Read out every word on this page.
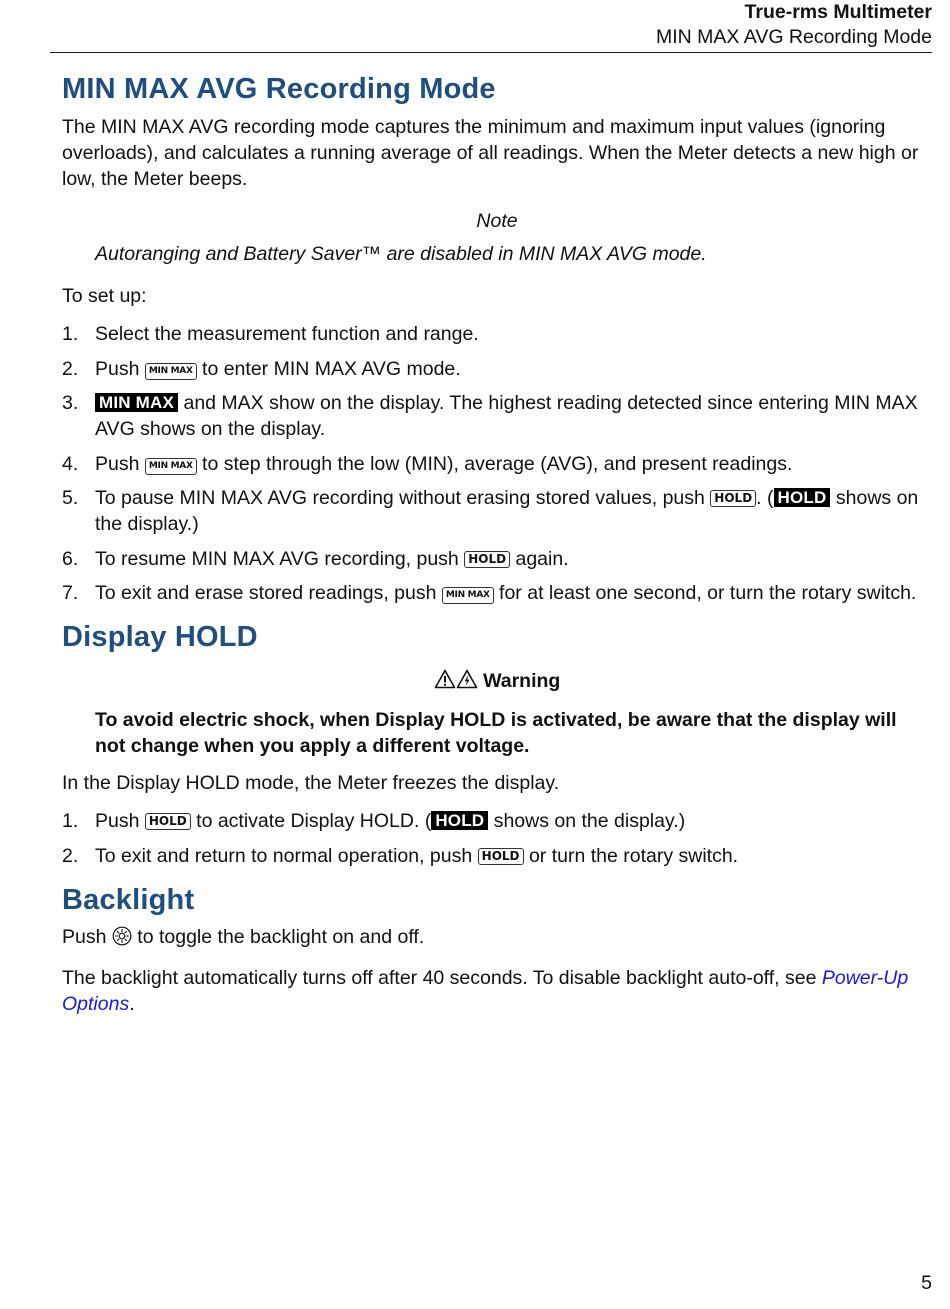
True-rms Multimeter
MIN MAX AVG Recording Mode
MIN MAX AVG Recording Mode

The MIN MAX AVG recording mode captures the minimum and maximum input values (ignoring overloads), and calculates a running average of all readings. When the Meter detects a new high or low, the Meter beeps.

Note

Autoranging and Battery Saver™ are disabled in MIN MAX AVG mode.

To set up:

1. Select the measurement function and range.
2. Push MIN MAX to enter MIN MAX AVG mode.
3. MIN MAX and MAX show on the display. The highest reading detected since entering MIN MAX AVG shows on the display.
4. Push MIN MAX to step through the low (MIN), average (AVG), and present readings.
5. To pause MIN MAX AVG recording without erasing stored values, push HOLD . ( HOLD shows on the display.)
6. To resume MIN MAX AVG recording, push HOLD again.
7. To exit and erase stored readings, push MIN MAX for at least one second, or turn the rotary switch.
Display HOLD

Warning

To avoid electric shock, when Display HOLD is activated, be aware that the display will not change when you apply a different voltage.

In the Display HOLD mode, the Meter freezes the display.

1. Push HOLD to activate Display HOLD. ( HOLD shows on the display.)
2. To exit and return to normal operation, push HOLD or turn the rotary switch.
Backlight

Push  to toggle the backlight on and off.

The backlight automatically turns off after 40 seconds. To disable backlight auto-off, see Power-Up Options.

5
